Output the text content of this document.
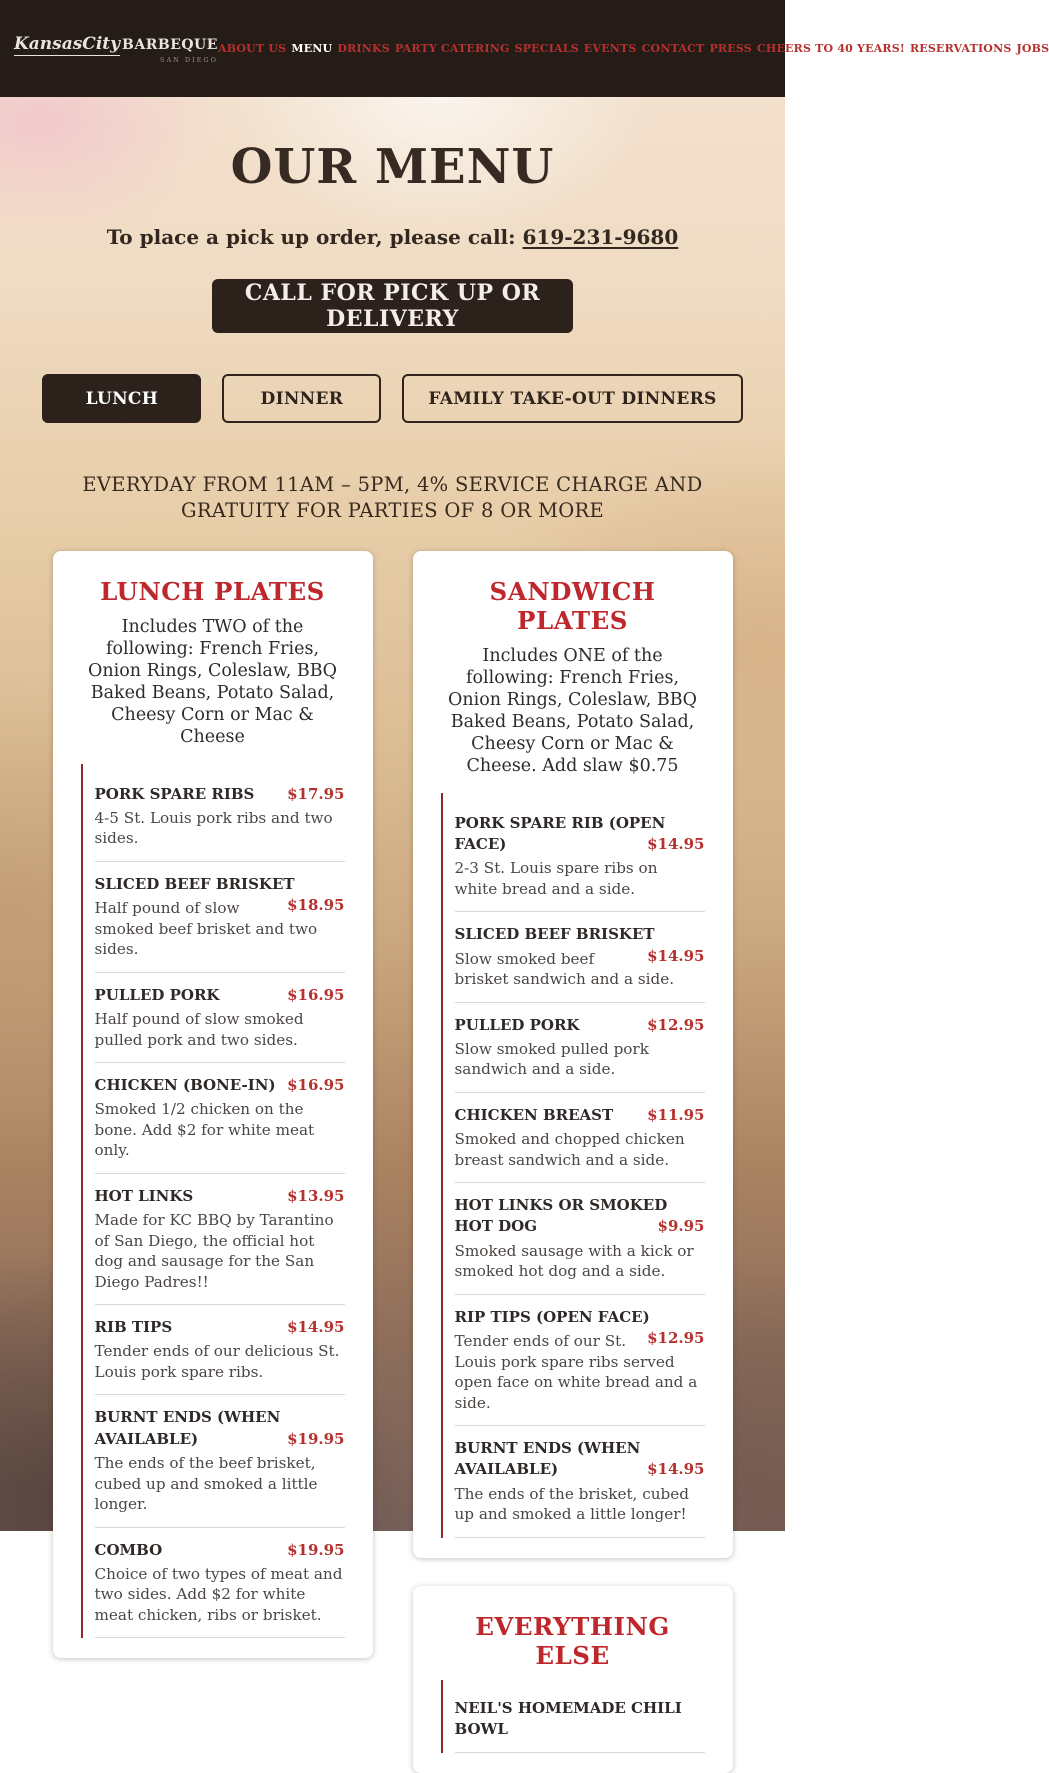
KansasCity BARBEQUE
SAN DIEGO
ABOUT US MENU DRINKS PARTY CATERING SPECIALS EVENTS CONTACT PRESS CHEERS TO 40 YEARS! RESERVATIONS JOBS
OUR MENU

To place a pick up order, please call: 619-231-9680

CALL FOR PICK UP OR DELIVERY
LUNCH	DINNER	FAMILY TAKE-OUT DINNERS

EVERYDAY FROM 11AM – 5PM, 4% SERVICE CHARGE AND GRATUITY FOR PARTIES OF 8 OR MORE

LUNCH PLATES

Includes TWO of the following: French Fries, Onion Rings, Coleslaw, BBQ Baked Beans, Potato Salad, Cheesy Corn or Mac & Cheese

PORK SPARE RIBS $17.95

4-5 St. Louis pork ribs and two sides.

SLICED BEEF BRISKET
$18.95

Half pound of slow smoked beef brisket and two sides.

PULLED PORK	$16.95

Half pound of slow smoked pulled pork and two sides.

CHICKEN (BONE-IN) $16.95

Smoked 1/2 chicken on the bone. Add $2 for white meat only.

HOT LINKS	$13.95

Made for KC BBQ by Tarantino of San Diego, the official hot dog and sausage for the San Diego Padres!!

RIB TIPS	$14.95

Tender ends of our delicious St. Louis pork spare ribs.

BURNT ENDS (WHEN AVAILABLE)	$19.95

The ends of the beef brisket, cubed up and smoked a little longer.

COMBO	$19.95

Choice of two types of meat and two sides. Add $2 for white meat chicken, ribs or brisket.

SANDWICH PLATES

Includes ONE of the following: French Fries, Onion Rings, Coleslaw, BBQ Baked Beans, Potato Salad, Cheesy Corn or Mac & Cheese. Add slaw $0.75

PORK SPARE RIB (OPEN FACE)	$14.95

2-3 St. Louis spare ribs on white bread and a side.

SLICED BEEF BRISKET
$14.95

Slow smoked beef brisket sandwich and a side.

PULLED PORK	$12.95

Slow smoked pulled pork sandwich and a side.

CHICKEN BREAST $11.95

Smoked and chopped chicken breast sandwich and a side.

HOT LINKS OR SMOKED HOT DOG	$9.95

Smoked sausage with a kick or smoked hot dog and a side.

RIP TIPS (OPEN FACE)
$12.95

Tender ends of our St. Louis pork spare ribs served open face on white bread and a side.

BURNT ENDS (WHEN AVAILABLE)	$14.95

The ends of the brisket, cubed up and smoked a little longer!

EVERYTHING ELSE
NEIL'S HOMEMADE CHILI BOWL
